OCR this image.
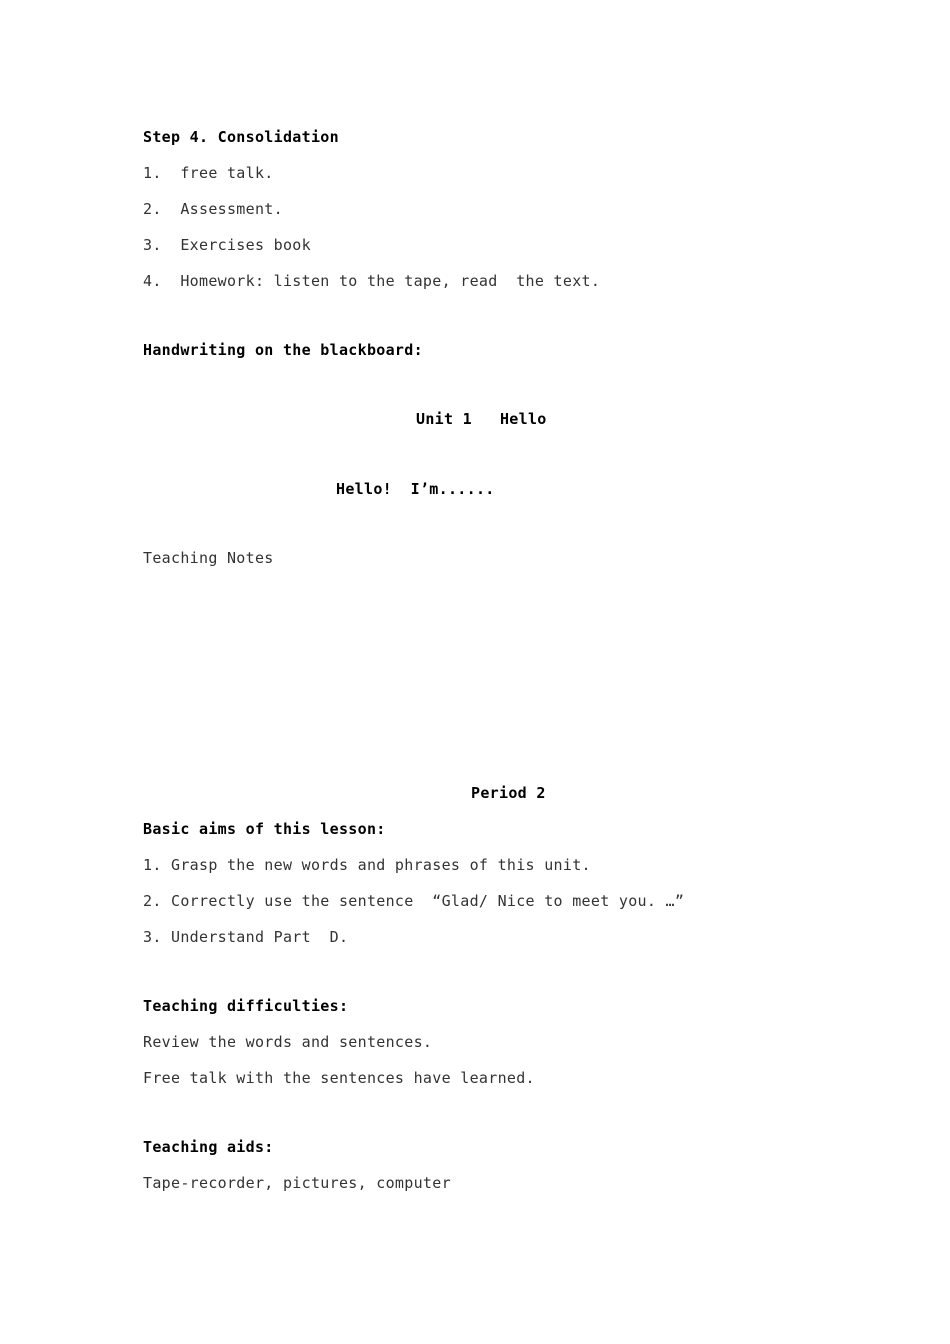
Step 4. Consolidation
1.  free talk.
2.  Assessment.
3.  Exercises book
4.  Homework: listen to the tape, read  the text.
Handwriting on the blackboard:
Unit 1   Hello
Hello!  I’m......
Teaching Notes
Period 2
Basic aims of this lesson:
1. Grasp the new words and phrases of this unit.
2. Correctly use the sentence  “Glad/ Nice to meet you. …”
3. Understand Part  D.
Teaching difficulties:
Review the words and sentences.
Free talk with the sentences have learned.
Teaching aids:
Tape-recorder, pictures, computer
